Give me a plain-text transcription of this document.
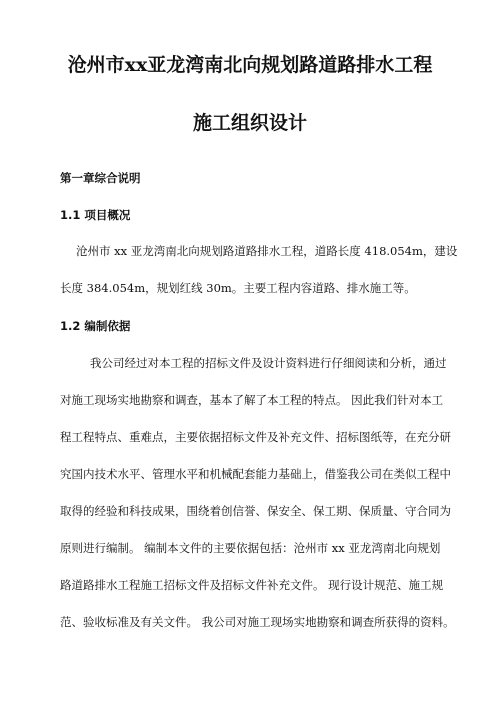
沧州市xx亚龙湾南北向规划路道路排水工程
施工组织设计
第一章综合说明
1.1 项目概况

沧州市 xx 亚龙湾南北向规划路道路排水工程，道路长度 418.054m，建设

长度 384.054m，规划红线 30m。主要工程内容道路、排水施工等。

1.2 编制依据

我公司经过对本工程的招标文件及设计资料进行仔细阅读和分析，通过

对施工现场实地勘察和调查，基本了解了本工程的特点。 因此我们针对本工

程工程特点、重难点，主要依据招标文件及补充文件、招标图纸等，在充分研

究国内技术水平、管理水平和机械配套能力基础上，借鉴我公司在类似工程中

取得的经验和科技成果，围绕着创信誉、保安全、保工期、保质量、守合同为

原则进行编制。 编制本文件的主要依据包括：沧州市 xx 亚龙湾南北向规划

路道路排水工程施工招标文件及招标文件补充文件。 现行设计规范、施工规

范、验收标准及有关文件。 我公司对施工现场实地勘察和调查所获得的资料。
